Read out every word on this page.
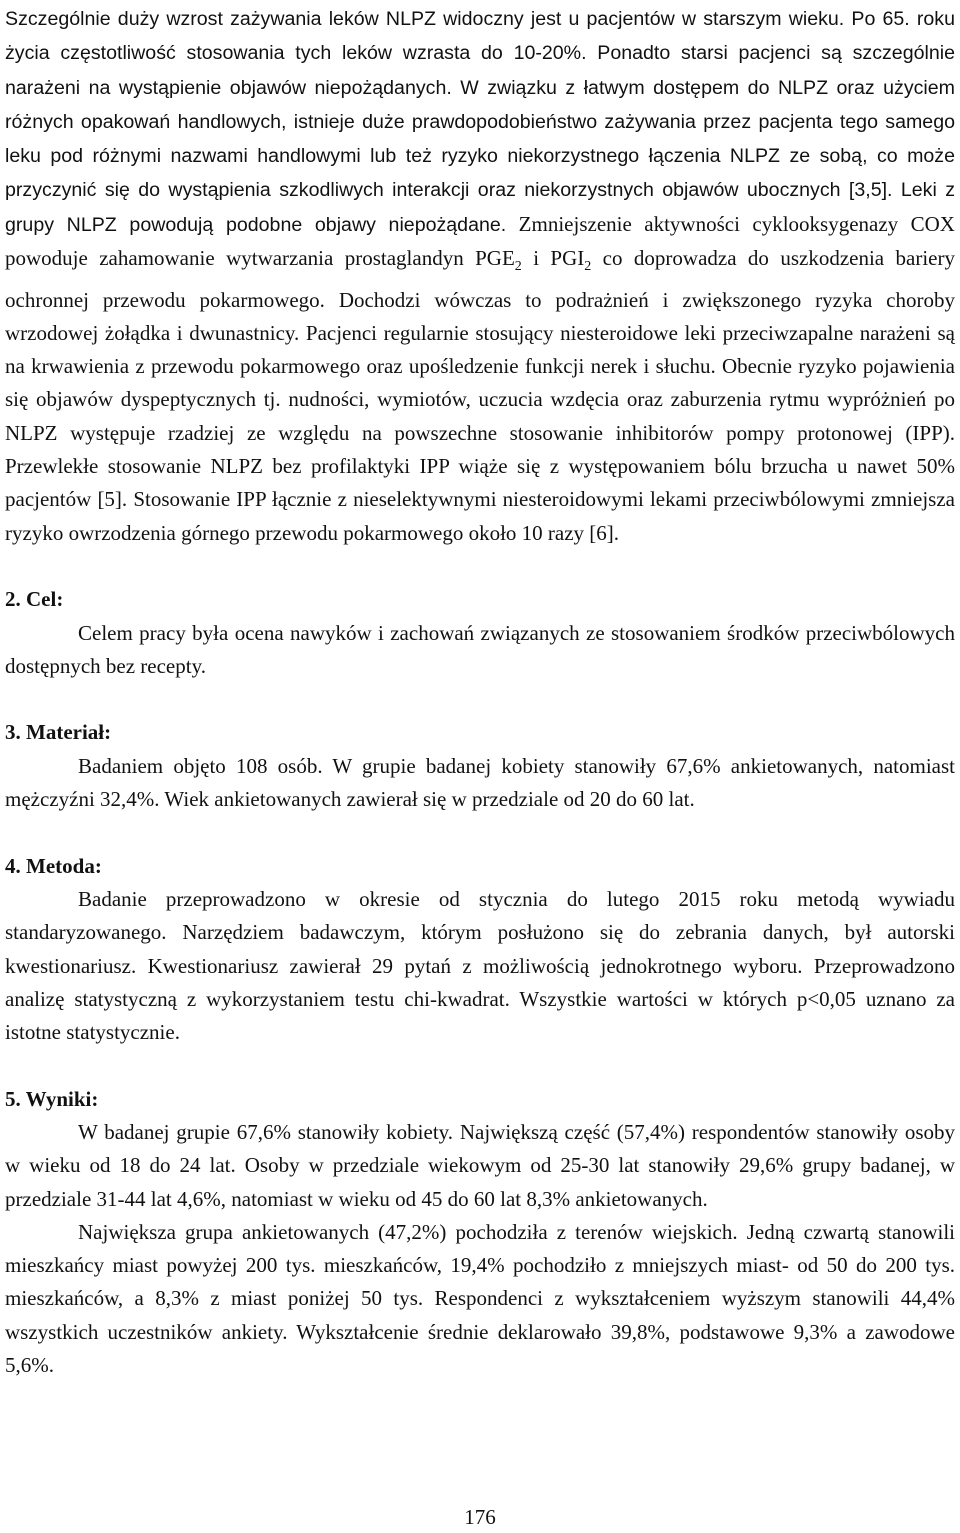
Szczególnie duży wzrost zażywania leków NLPZ widoczny jest u pacjentów w starszym wieku. Po 65. roku życia częstotliwość stosowania tych leków wzrasta do 10-20%. Ponadto starsi pacjenci są szczególnie narażeni na wystąpienie objawów niepożądanych. W związku z łatwym dostępem do NLPZ oraz użyciem różnych opakowań handlowych, istnieje duże prawdopodobieństwo zażywania przez pacjenta tego samego leku pod różnymi nazwami handlowymi lub też ryzyko niekorzystnego łączenia NLPZ ze sobą, co może przyczynić się do wystąpienia szkodliwych interakcji oraz niekorzystnych objawów ubocznych [3,5]. Leki z grupy NLPZ powodują podobne objawy niepożądane. Zmniejszenie aktywności cyklooksygenazy COX powoduje zahamowanie wytwarzania prostaglandyn $PGE_2$ i $PGI_2$ co doprowadza do uszkodzenia bariery ochronnej przewodu pokarmowego. Dochodzi wówczas to podrażnień i zwiększonego ryzyka choroby wrzodowej żołądka i dwunastnicy. Pacjenci regularnie stosujący niesteroidowe leki przeciwzapalne narażeni są na krwawienia z przewodu pokarmowego oraz upośledzenie funkcji nerek i słuchu. Obecnie ryzyko pojawienia się objawów dyspeptycznych tj. nudności, wymiotów, uczucia wzdęcia oraz zaburzenia rytmu wypróżnień po NLPZ występuje rzadziej ze względu na powszechne stosowanie inhibitorów pompy protonowej (IPP). Przewlekłe stosowanie NLPZ bez profilaktyki IPP wiąże się z występowaniem bólu brzucha u nawet 50% pacjentów [5]. Stosowanie IPP łącznie z nieselektywnymi niesteroidowymi lekami przeciwbólowymi zmniejsza ryzyko owrzodzenia górnego przewodu pokarmowego około 10 razy [6].

2. Cel:

Celem pracy była ocena nawyków i zachowań związanych ze stosowaniem środków przeciwbólowych dostępnych bez recepty.

3. Materiał:

Badaniem objęto 108 osób. W grupie badanej kobiety stanowiły 67,6% ankietowanych, natomiast mężczyźni 32,4%. Wiek ankietowanych zawierał się w przedziale od 20 do 60 lat.

4. Metoda:

Badanie przeprowadzono w okresie od stycznia do lutego 2015 roku metodą wywiadu standaryzowanego. Narzędziem badawczym, którym posłużono się do zebrania danych, był autorski kwestionariusz. Kwestionariusz zawierał 29 pytań z możliwością jednokrotnego wyboru. Przeprowadzono analizę statystyczną z wykorzystaniem testu chi-kwadrat. Wszystkie wartości w których p<0,05 uznano za istotne statystycznie.

5. Wyniki:

W badanej grupie 67,6% stanowiły kobiety. Największą część (57,4%) respondentów stanowiły osoby w wieku od 18 do 24 lat. Osoby w przedziale wiekowym od 25-30 lat stanowiły 29,6% grupy badanej, w przedziale 31-44 lat 4,6%, natomiast w wieku od 45 do 60 lat 8,3% ankietowanych.

Największa grupa ankietowanych (47,2%) pochodziła z terenów wiejskich. Jedną czwartą stanowili mieszkańcy miast powyżej 200 tys. mieszkańców, 19,4% pochodziło z mniejszych miast- od 50 do 200 tys. mieszkańców, a 8,3% z miast poniżej 50 tys. Respondenci z wykształceniem wyższym stanowili 44,4% wszystkich uczestników ankiety. Wykształcenie średnie deklarowało 39,8%, podstawowe 9,3% a zawodowe 5,6%.

176
